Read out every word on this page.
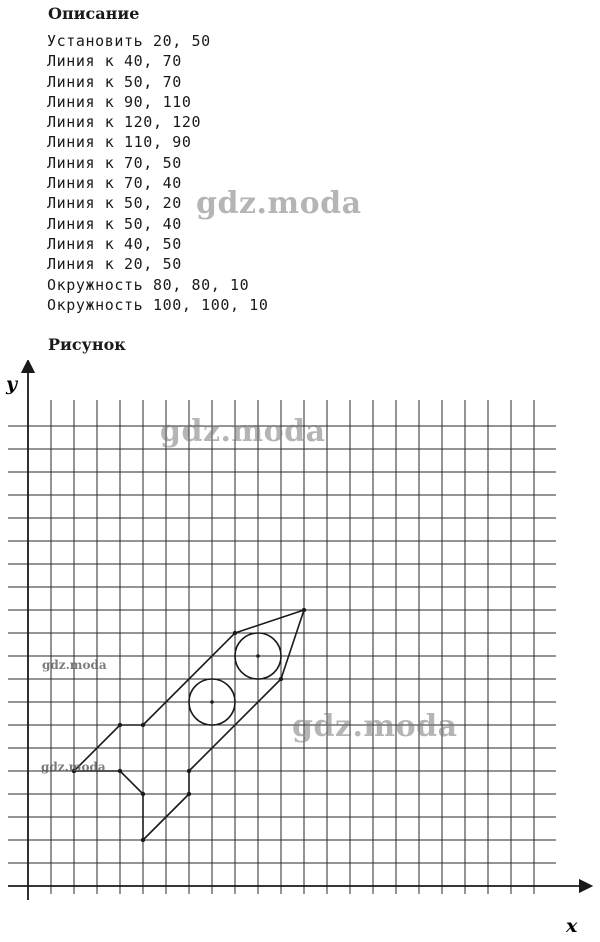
Описание
Установить 20, 50
Линия к 40, 70
Линия к 50, 70
Линия к 90, 110
Линия к 120, 120
Линия к 110, 90
Линия к 70, 50
Линия к 70, 40
Линия к 50, 20
Линия к 50, 40
Линия к 40, 50
Линия к 20, 50
Окружность 80, 80, 10
Окружность 100, 100, 10
Рисунок
x
y
gdz.moda
gdz.moda
gdz.moda
gdz.moda
gdz.moda
